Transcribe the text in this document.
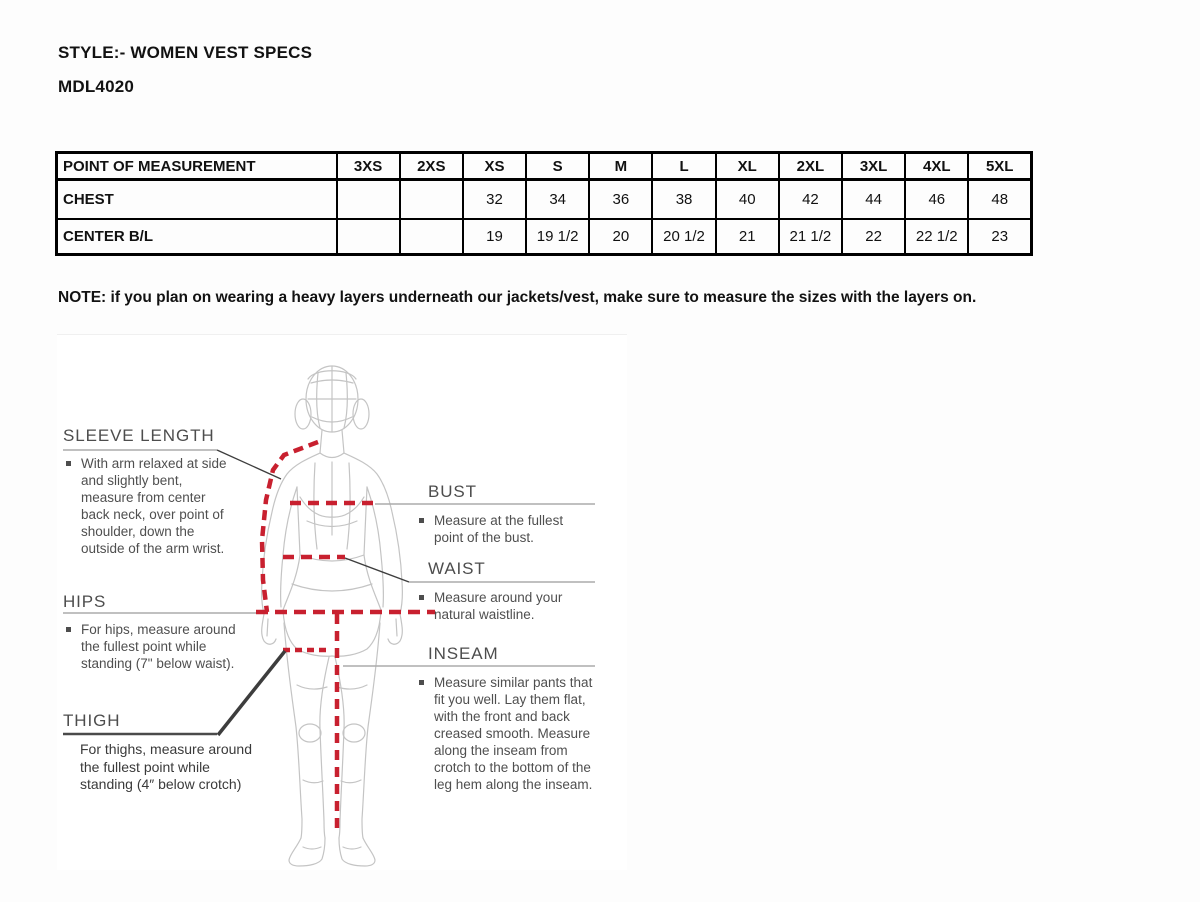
STYLE:- WOMEN VEST SPECS
MDL4020
POINT OF MEASUREMENT	3XS	2XS	XS	S	M	L	XL	2XL	3XL	4XL	5XL
CHEST			32	34	36	38	40	42	44	46	48
CENTER B/L			19	19 1/2	20	20 1/2	21	21 1/2	22	22 1/2	23
NOTE: if you plan on wearing a heavy layers underneath our jackets/vest, make sure to measure the sizes with the layers on.
SLEEVE LENGTH
With arm relaxed at side and slightly bent, measure from center back neck, over point of shoulder, down the outside of the arm wrist.
HIPS
For hips, measure around the fullest point while standing (7" below waist).
THIGH
For thighs, measure around the fullest point while standing (4″ below crotch)
BUST
Measure at the fullest point of the bust.
WAIST
Measure around your natural waistline.
INSEAM
Measure similar pants that fit you well. Lay them flat, with the front and back creased smooth. Measure along the inseam from crotch to the bottom of the leg hem along the inseam.
